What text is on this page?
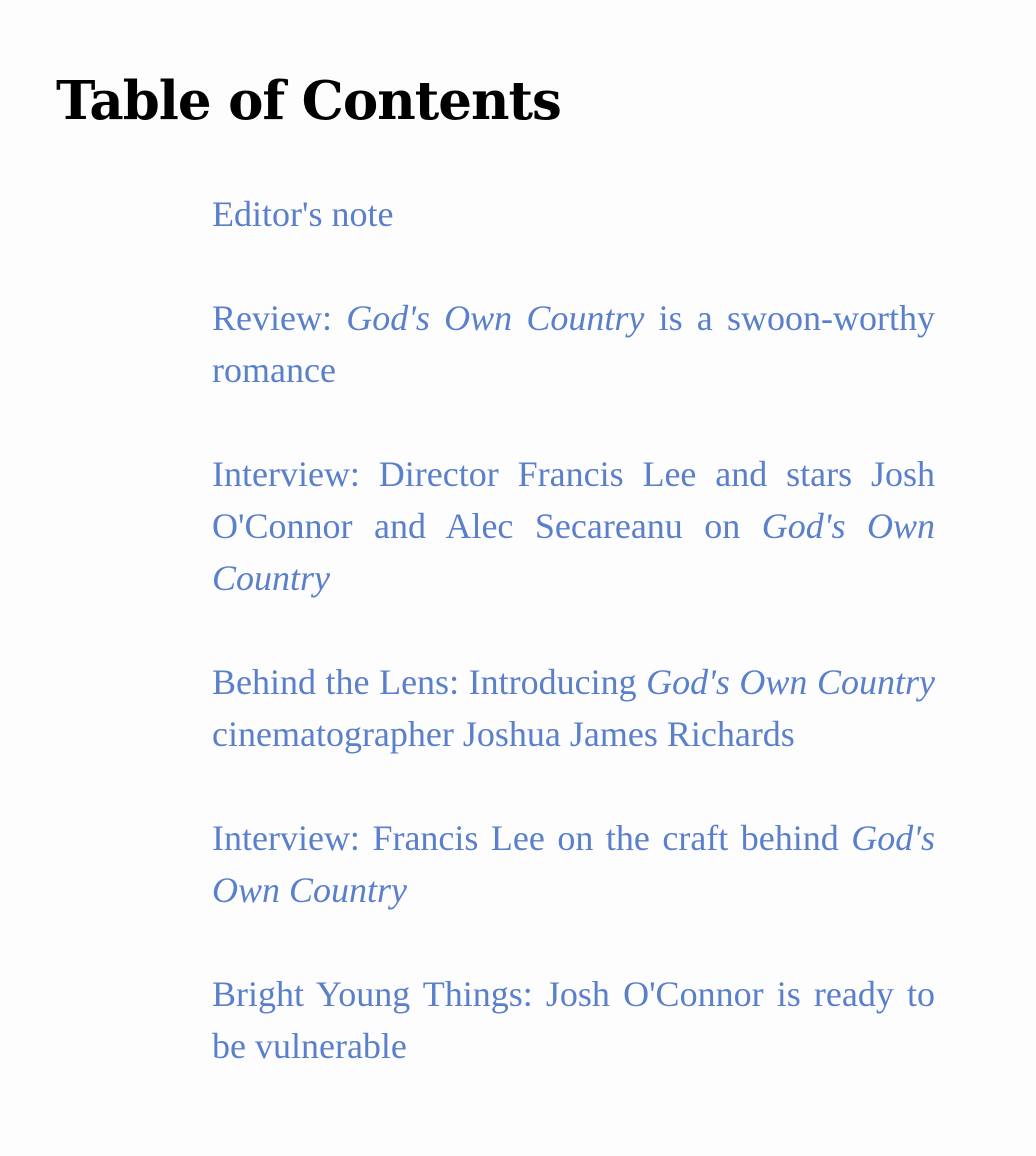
Table of Contents
Editor's note
Review: God's Own Country is a swoon-worthy romance
Interview: Director Francis Lee and stars Josh O'Connor and Alec Secareanu on God's Own Country
Behind the Lens: Introducing God's Own Country cinematographer Joshua James Richards
Interview: Francis Lee on the craft behind God's Own Country
Bright Young Things: Josh O'Connor is ready to be vulnerable
